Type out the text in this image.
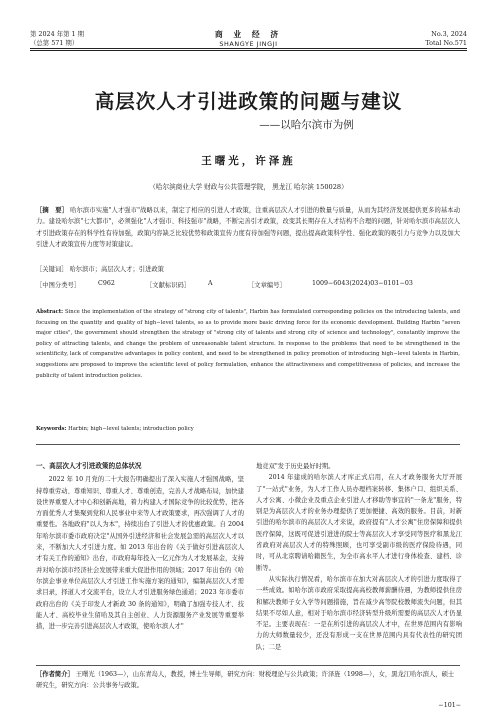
第 2024 年第 1 期
（总第 571 期）
商 业 经 济
SHANGYE JINGJI
No.3, 2024
Total No.571
高层次人才引进政策的问题与建议
——以哈尔滨市为例
王曙光，许泽旌
（哈尔滨商业大学 财政与公共管理学院， 黑龙江 哈尔滨 150028）
［摘　要］ 哈尔滨市实施"人才强市"战略以来，制定了相应的引进人才政策，注重高层次人才引进的数量与质量，从而为其经济发展提供更多的基本动力。建设哈尔滨"七大都市"，必须强化"人才强市、科技强市"战略，不断完善引才政策，改变其长期存在人才结构不合理的问题，针对哈尔滨市高层次人才引进政策存在的科学性有待加强，政策内容缺乏比较优势和政策宣传力度有待加强等问题，提出提高政策科学性、强化政策的吸引力与竞争力以及加大引进人才政策宣传力度等对策建议。
［关键词］ 哈尔滨市；高层次人才；引进政策
［中图分类号］	C962	［文献标识码］	A	［文章编号］	1009−6043(2024)03−0101−03
Abstract: Since the implementation of the strategy of "strong city of talents", Harbin has formulated corresponding policies on the introducing talents, and focusing on the quantity and quality of high−level talents, so as to provide more basic driving force for its economic development. Building Harbin "seven major cities", the government should strengthen the strategy of "strong city of talents and strong city of science and technology", constantly improve the policy of attracting talents, and change the problem of unreasonable talent structure. In response to the problems that need to be strengthened in the scientificity, lack of comparative advantages in policy content, and need to be strengthened in policy promotion of introducing high−level talents in Harbin, suggestions are proposed to improve the scientific level of policy formulation, enhance the attractiveness and competitiveness of policies, and increase the publicity of talent introduction policies.
Keywords: Harbin; high−level talents; introduction policy
一、高层次人才引进政策的总体状况

2022 年 10 月党的二十大报告明确提出了深入实施人才强国战略，坚持尊重劳动、尊重知识、尊重人才、尊重创造，完善人才战略布局，加快建设世界重要人才中心和创新高地，着力构建人才国际竞争的比较优势，把各方面优秀人才集聚到党和人民事业中来等人才政策要求，再次强调了人才的重要性。各地政府"以人为本"，持续出台了引进人才的优惠政策。自 2004 年哈尔滨市委市政府决定"从国外引进经济和社会发展急需的高层次人才以来，不断加大人才引进力度。如 2013 年出台的《关于做好引进高层次人才有关工作的通知》出台，市政府每年投入一亿元作为人才发展基金，支持并对哈尔滨市经济社会发展带来重大促进作用的领域；2017 年出台的《哈尔滨企事业单位高层次人才引进工作实施方案的通知》，编制高层次人才需求目录，择道人才交流平台，设立人才引进服务绿色通道；2023 年市委市政府出台的《关于印发人才新政 30 条的通知》，明确了加强专技人才、技能人才、高校毕业生留哈及其自主创业、人力资源服务产业发展等重要举措，进一步完善引进高层次人才政策，使哈尔滨人才"

地竞双"发于历史最好时期。

2014 年建成的哈尔滨人才库正式启用，在人才政务服务大厅开展了"一站式"业务，为人才工作人员办理档案转移、集体户口、组织关系、人才公寓、小微企业及重点企业引进人才移助等事宜的"一条龙"服务，特别是为高层次人才的业务办理提供了更加便捷、高效的服务。目前，对新引进的哈尔滨市的高层次人才来说，政府提有"人才公寓"住房保障和提供医疗保障，这既可促进引进进的院士等高层次人才享受同等医疗和黑龙江省政府对高层次人才的特殊照顾，也可享受副市级的医疗保险待遇，同时，可从北京聘请哈籍医生，为全市高水平人才进行身体检查、建档、诊断等。

从实际执行情况看，哈尔滨市在加大对高层次人才的引进力度取得了一些成效。如哈尔滨市政府采取提高高校教师薪酬待遇，为教师提供住房和解决教师子女入学等问题措施，旨在减少高等院校教师流失问题，但其结果不尽如人意，相对于哈尔滨市经济转型升级所需要的高层次人才仍显不足。主要表现在：一是在所引进的高层次人才中，在世界范围内有影响力的大师数量较少，还没有形成一支在世界范围内具有代表性的研究团队；二是

［作者简介］ 王曙光（1963—），山东青岛人，教授，博士生导师，研究方向：财税理论与公共政策；许泽旌（1998—），女，黑龙江哈尔滨人，硕士研究生，研究方向：公共事务与政策。
−101−
